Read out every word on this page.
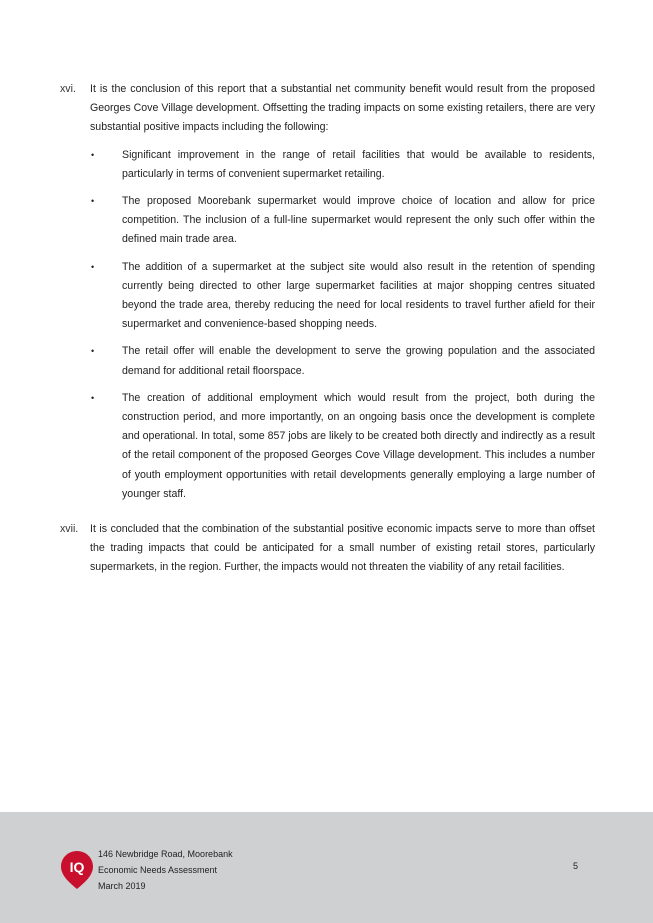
xvi.	It is the conclusion of this report that a substantial net community benefit would result from the proposed Georges Cove Village development. Offsetting the trading impacts on some existing retailers, there are very substantial positive impacts including the following:

•	Significant improvement in the range of retail facilities that would be available to residents, particularly in terms of convenient supermarket retailing.
•	The proposed Moorebank supermarket would improve choice of location and allow for price competition. The inclusion of a full-line supermarket would represent the only such offer within the defined main trade area.
•	The addition of a supermarket at the subject site would also result in the retention of spending currently being directed to other large supermarket facilities at major shopping centres situated beyond the trade area, thereby reducing the need for local residents to travel further afield for their supermarket and convenience-based shopping needs.
•	The retail offer will enable the development to serve the growing population and the associated demand for additional retail floorspace.
•	The creation of additional employment which would result from the project, both during the construction period, and more importantly, on an ongoing basis once the development is complete and operational. In total, some 857 jobs are likely to be created both directly and indirectly as a result of the retail component of the proposed Georges Cove Village development. This includes a number of youth employment opportunities with retail developments generally employing a large number of younger staff.
xvii.	It is concluded that the combination of the substantial positive economic impacts serve to more than offset the trading impacts that could be anticipated for a small number of existing retail stores, particularly supermarkets, in the region. Further, the impacts would not threaten the viability of any retail facilities.

IQ
146 Newbridge Road, Moorebank
Economic Needs Assessment
March 2019
5
